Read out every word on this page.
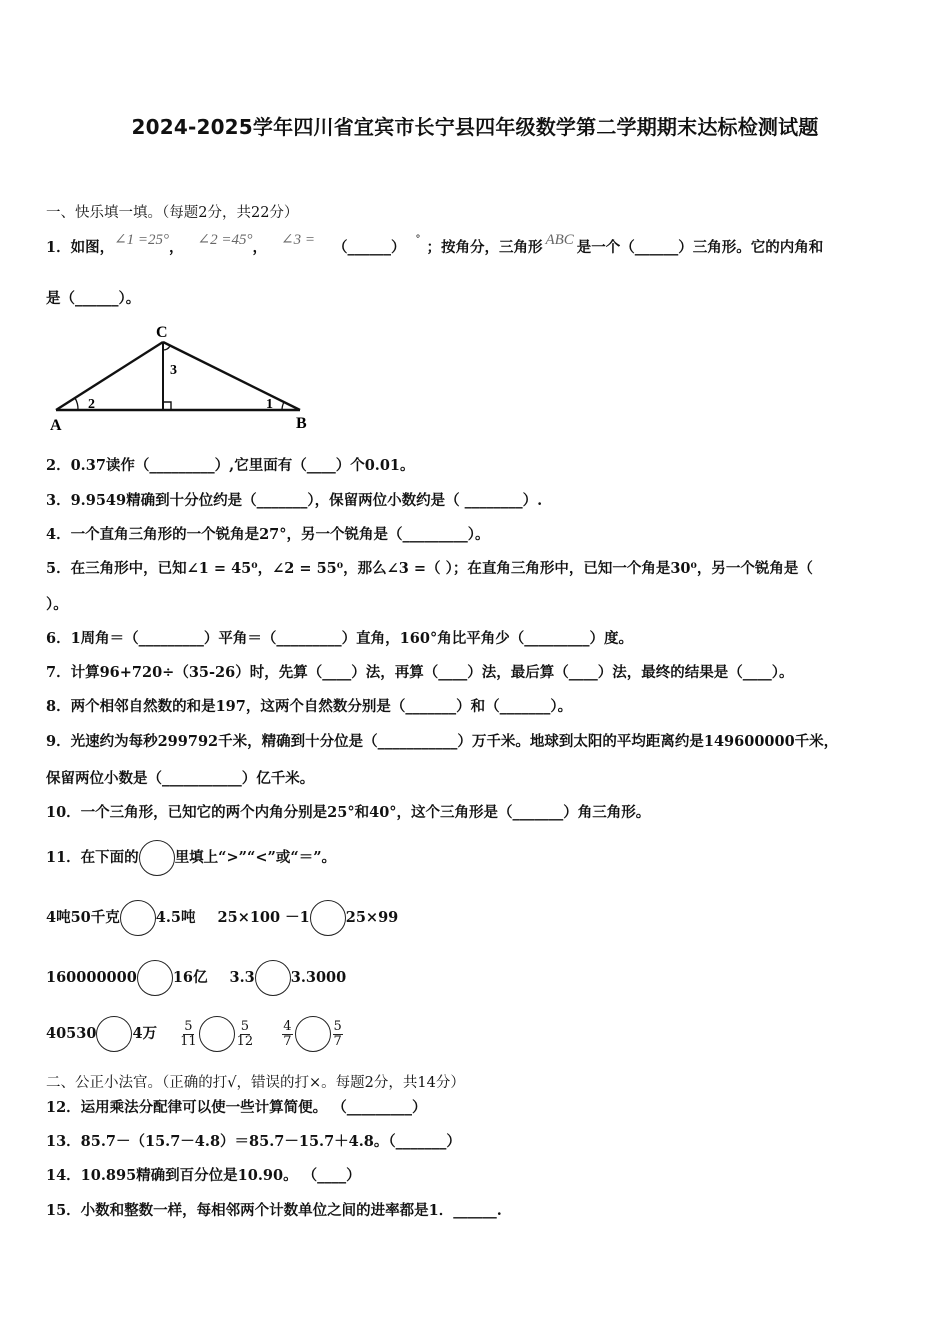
2024-2025学年四川省宜宾市长宁县四年级数学第二学期期末达标检测试题
一、快乐填一填。（每题2分，共22分）
1．如图，∠1 =25°， ∠2 =45°， ∠3 = （______） ° ；按角分，三角形 ABC 是一个（______）三角形。它的内角和
是（______）。
C
A	B
3
2	1
2．0.37读作（_________）,它里面有（____）个0.01。
3．9.9549精确到十分位约是（_______），保留两位小数约是（ ________）.
4．一个直角三角形的一个锐角是27°，另一个锐角是（_________）。
5．在三角形中，已知∠1 = 45⁰，∠2 = 55⁰，那么∠3 =（ ）；在直角三角形中，已知一个角是30⁰，另一个锐角是（
）。
6．1周角＝（_________）平角＝（_________）直角，160°角比平角少（_________）度。
7．计算96+720÷（35-26）时，先算（____）法，再算（____）法，最后算（____）法，最终的结果是（____）。
8．两个相邻自然数的和是197，这两个自然数分别是（_______）和（_______）。
9．光速约为每秒299792千米，精确到十分位是（___________）万千米。地球到太阳的平均距离约是149600000千米，
保留两位小数是（___________）亿千米。
10．一个三角形，已知它的两个内角分别是25°和40°，这个三角形是（_______）角三角形。
11．在下面的 里填上“>”“<”或“＝”。
4吨50千克 4.5吨 25×100 －1 25×99
160000000 16亿 3.3 3.3000
40530 4万 $\frac{5}{11}$	$\frac{5}{12}$
$\frac{4}{7}$	$\frac{5}{7}$
二、公正小法官。（正确的打√，错误的打×。每题2分，共14分）
12．运用乘法分配律可以使一些计算简便。 （_________）
13．85.7－（15.7－4.8）＝85.7－15.7＋4.8。（_______）
14．10.895精确到百分位是10.90。 （____）
15．小数和整数一样，每相邻两个计数单位之间的进率都是1．______.
